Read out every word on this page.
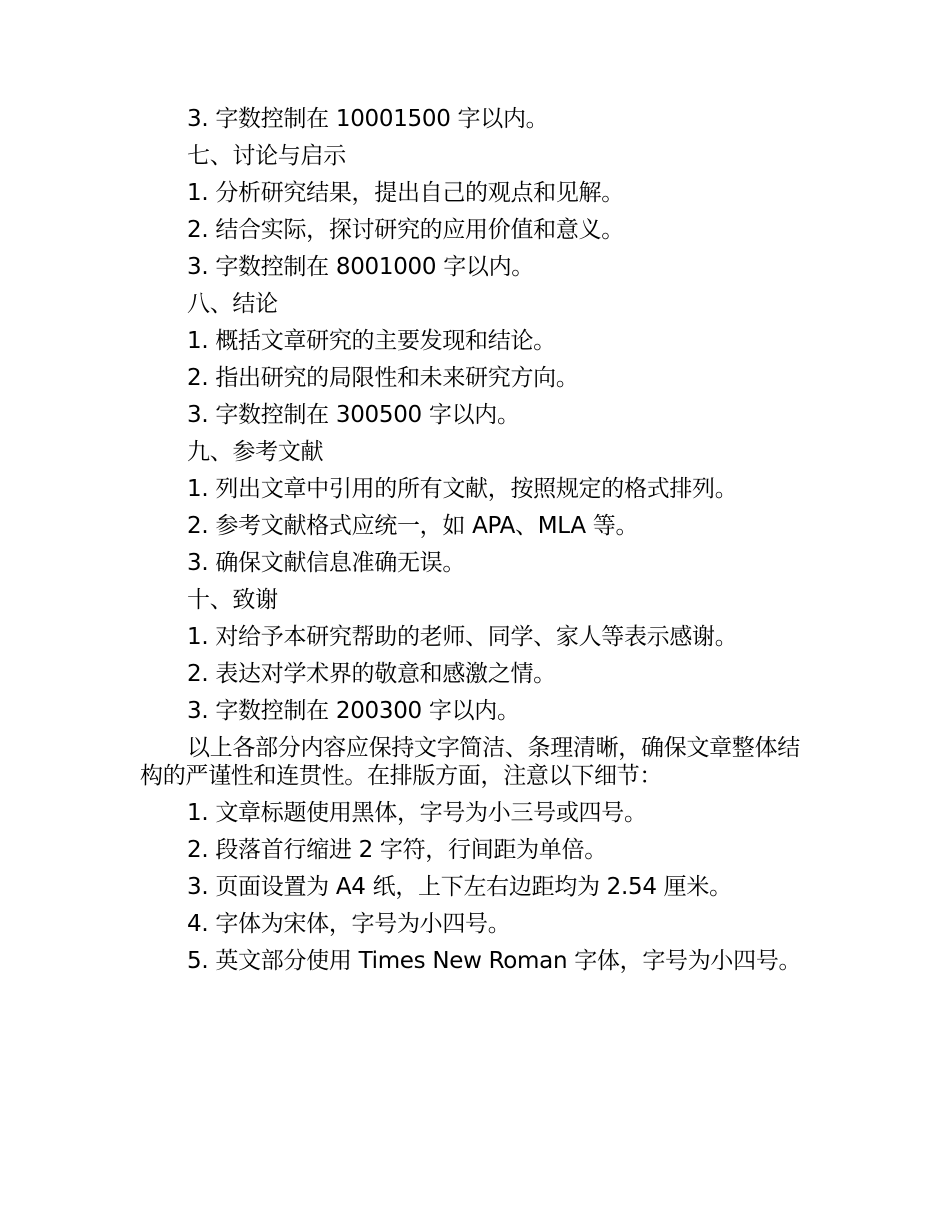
3. 字数控制在 10001500 字以内。
七、讨论与启示
1. 分析研究结果，提出自己的观点和见解。
2. 结合实际，探讨研究的应用价值和意义。
3. 字数控制在 8001000 字以内。
八、结论
1. 概括文章研究的主要发现和结论。
2. 指出研究的局限性和未来研究方向。
3. 字数控制在 300500 字以内。
九、参考文献
1. 列出文章中引用的所有文献，按照规定的格式排列。
2. 参考文献格式应统一，如 APA、MLA 等。
3. 确保文献信息准确无误。
十、致谢
1. 对给予本研究帮助的老师、同学、家人等表示感谢。
2. 表达对学术界的敬意和感激之情。
3. 字数控制在 200300 字以内。
以上各部分内容应保持文字简洁、条理清晰，确保文章整体结构的严谨性和连贯性。在排版方面，注意以下细节：
1. 文章标题使用黑体，字号为小三号或四号。
2. 段落首行缩进 2 字符，行间距为单倍。
3. 页面设置为 A4 纸，上下左右边距均为 2.54 厘米。
4. 字体为宋体，字号为小四号。
5. 英文部分使用 Times New Roman 字体，字号为小四号。
